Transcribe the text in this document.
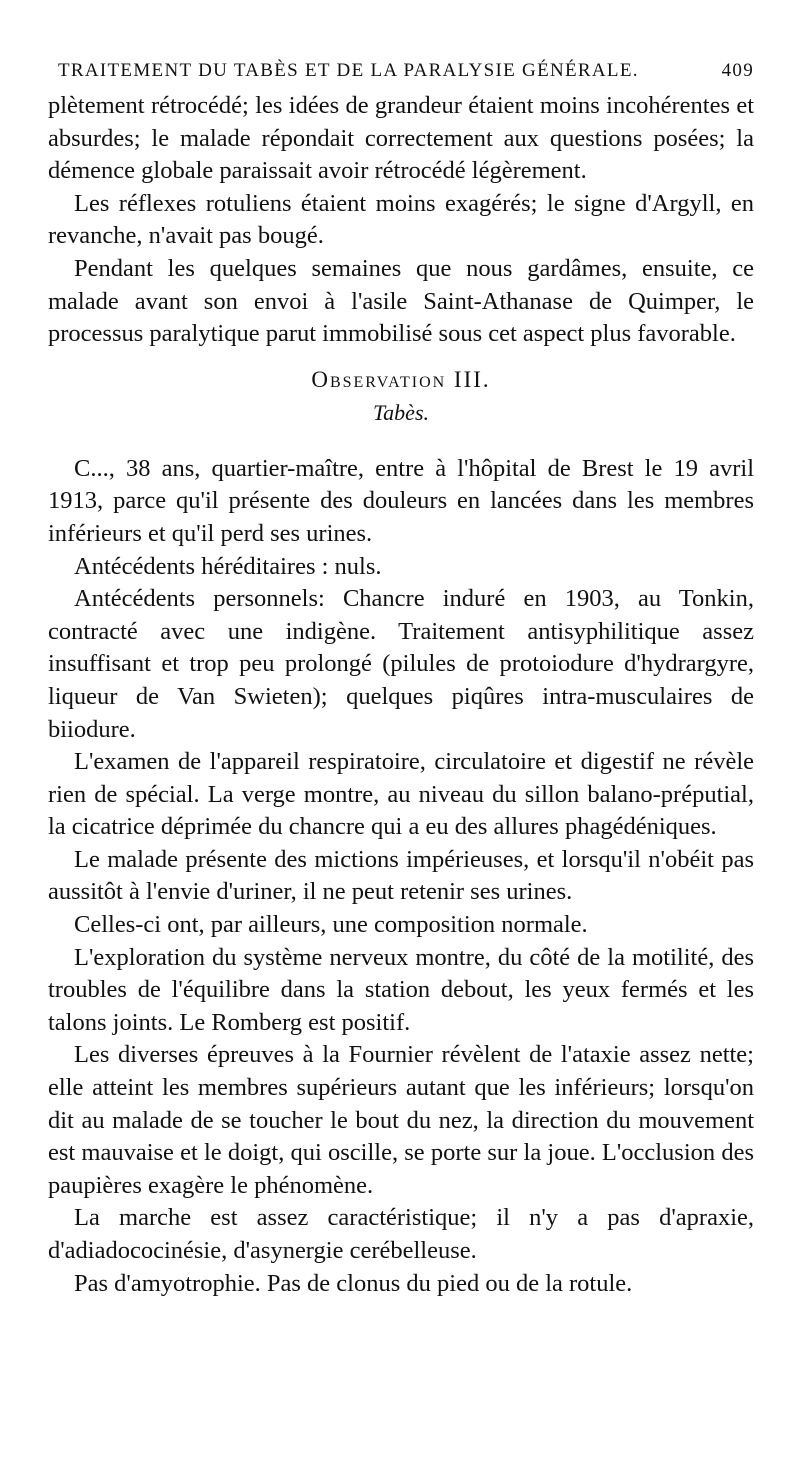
TRAITEMENT DU TABÈS ET DE LA PARALYSIE GÉNÉRALE.	409

plètement rétrocédé; les idées de grandeur étaient moins incohérentes et absurdes; le malade répondait correctement aux questions posées; la démence globale paraissait avoir rétrocédé légèrement.

Les réflexes rotuliens étaient moins exagérés; le signe d'Argyll, en revanche, n'avait pas bougé.

Pendant les quelques semaines que nous gardâmes, ensuite, ce malade avant son envoi à l'asile Saint-Athanase de Quimper, le processus paralytique parut immobilisé sous cet aspect plus favorable.

Observation III.

Tabès.

C..., 38 ans, quartier-maître, entre à l'hôpital de Brest le 19 avril 1913, parce qu'il présente des douleurs en lancées dans les membres inférieurs et qu'il perd ses urines.

Antécédents héréditaires : nuls.

Antécédents personnels: Chancre induré en 1903, au Tonkin, contracté avec une indigène. Traitement antisyphilitique assez insuffisant et trop peu prolongé (pilules de protoiodure d'hydrargyre, liqueur de Van Swieten); quelques piqûres intra-musculaires de biiodure.

L'examen de l'appareil respiratoire, circulatoire et digestif ne révèle rien de spécial. La verge montre, au niveau du sillon balano-préputial, la cicatrice déprimée du chancre qui a eu des allures phagédéniques.

Le malade présente des mictions impérieuses, et lorsqu'il n'obéit pas aussitôt à l'envie d'uriner, il ne peut retenir ses urines.

Celles-ci ont, par ailleurs, une composition normale.

L'exploration du système nerveux montre, du côté de la motilité, des troubles de l'équilibre dans la station debout, les yeux fermés et les talons joints. Le Romberg est positif.

Les diverses épreuves à la Fournier révèlent de l'ataxie assez nette; elle atteint les membres supérieurs autant que les inférieurs; lorsqu'on dit au malade de se toucher le bout du nez, la direction du mouvement est mauvaise et le doigt, qui oscille, se porte sur la joue. L'occlusion des paupières exagère le phénomène.

La marche est assez caractéristique; il n'y a pas d'apraxie, d'adiadococinésie, d'asynergie cerébelleuse.

Pas d'amyotrophie. Pas de clonus du pied ou de la rotule.
